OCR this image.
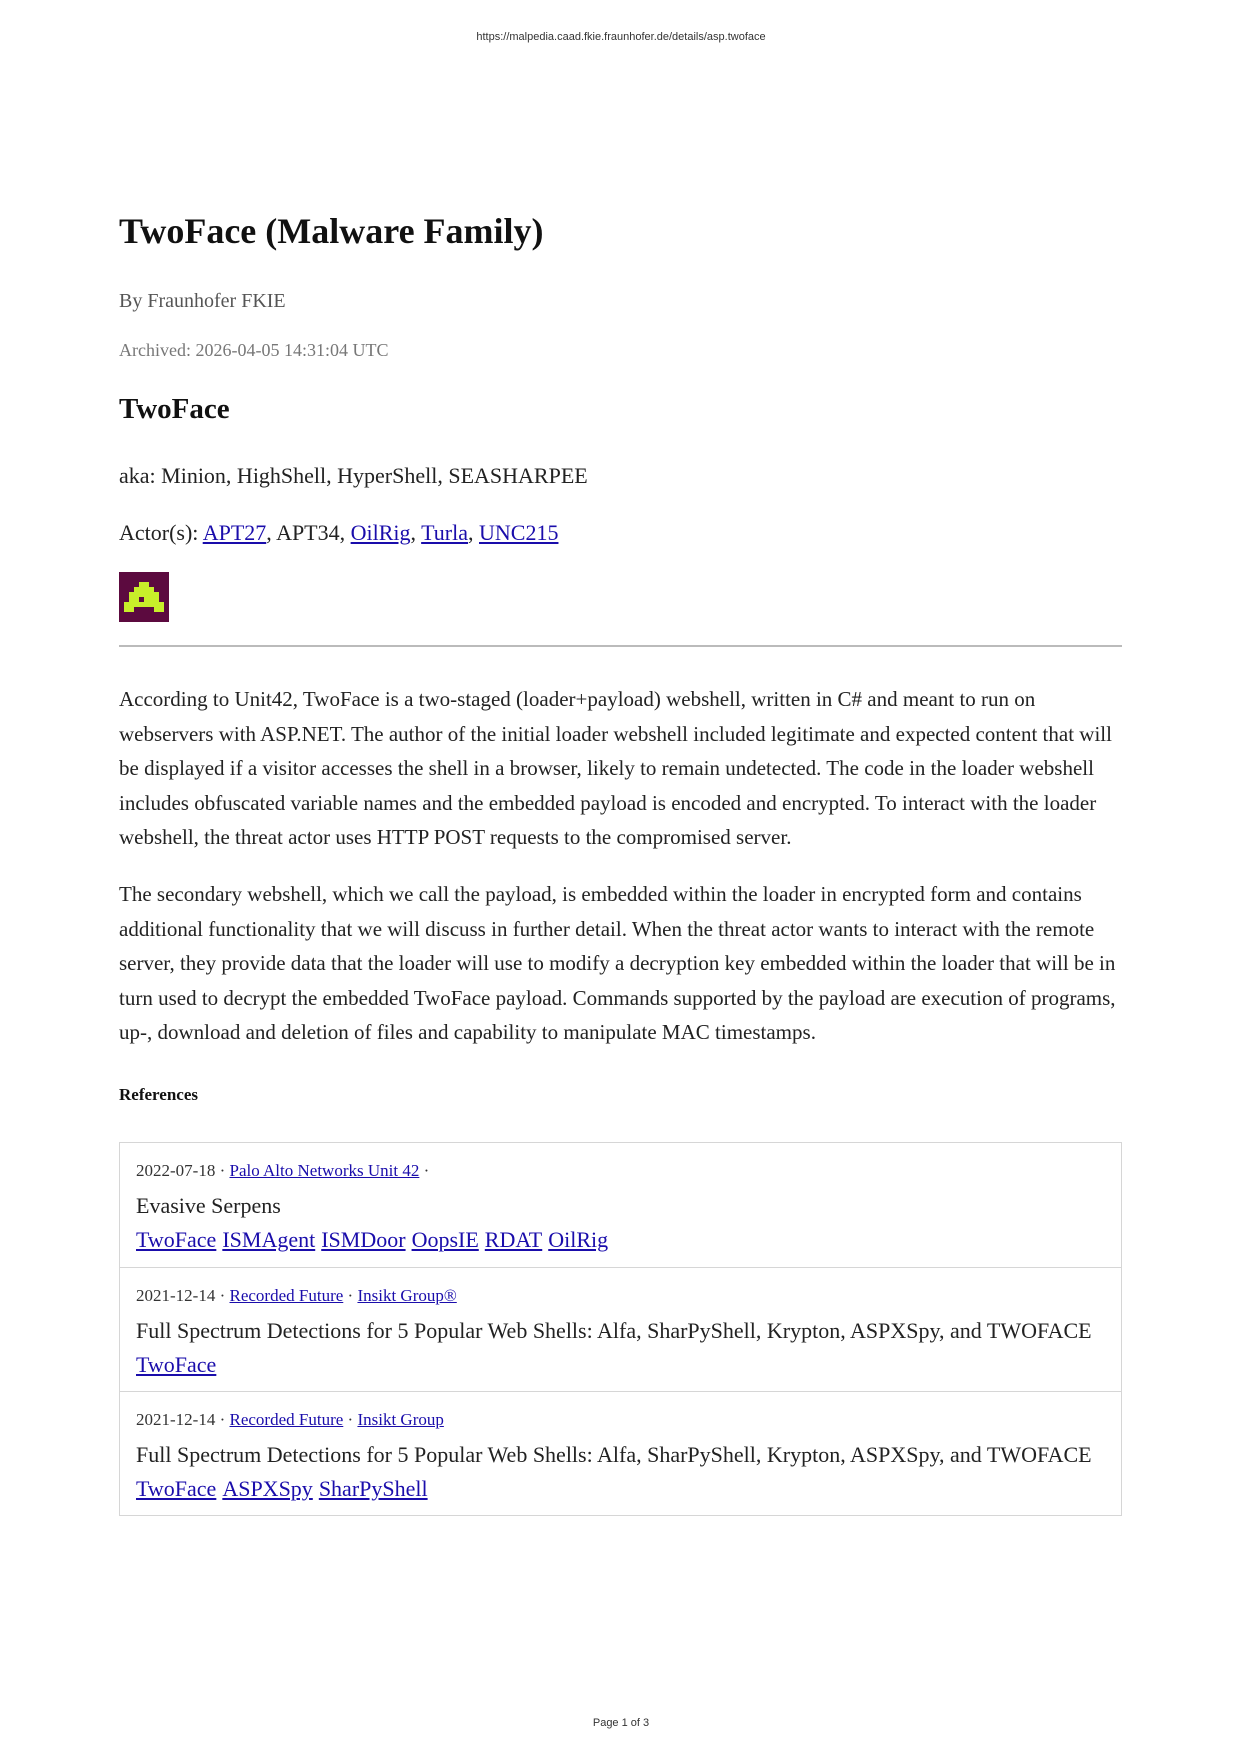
https://malpedia.caad.fkie.fraunhofer.de/details/asp.twoface
TwoFace (Malware Family)
By Fraunhofer FKIE
Archived: 2026-04-05 14:31:04 UTC
TwoFace
aka: Minion, HighShell, HyperShell, SEASHARPEE
Actor(s): APT27, APT34, OilRig, Turla, UNC215

According to Unit42, TwoFace is a two-staged (loader+payload) webshell, written in C# and meant to run on webservers with ASP.NET. The author of the initial loader webshell included legitimate and expected content that will be displayed if a visitor accesses the shell in a browser, likely to remain undetected. The code in the loader webshell includes obfuscated variable names and the embedded payload is encoded and encrypted. To interact with the loader webshell, the threat actor uses HTTP POST requests to the compromised server.

The secondary webshell, which we call the payload, is embedded within the loader in encrypted form and contains additional functionality that we will discuss in further detail. When the threat actor wants to interact with the remote server, they provide data that the loader will use to modify a decryption key embedded within the loader that will be in turn used to decrypt the embedded TwoFace payload. Commands supported by the payload are execution of programs, up-, download and deletion of files and capability to manipulate MAC timestamps.

References
2022-07-18 · Palo Alto Networks Unit 42 ·
Evasive Serpens
TwoFace ISMAgent ISMDoor OopsIE RDAT OilRig
2021-12-14 · Recorded Future · Insikt Group®
Full Spectrum Detections for 5 Popular Web Shells: Alfa, SharPyShell, Krypton, ASPXSpy, and TWOFACE
TwoFace
2021-12-14 · Recorded Future · Insikt Group
Full Spectrum Detections for 5 Popular Web Shells: Alfa, SharPyShell, Krypton, ASPXSpy, and TWOFACE
TwoFace ASPXSpy SharPyShell
Page 1 of 3
